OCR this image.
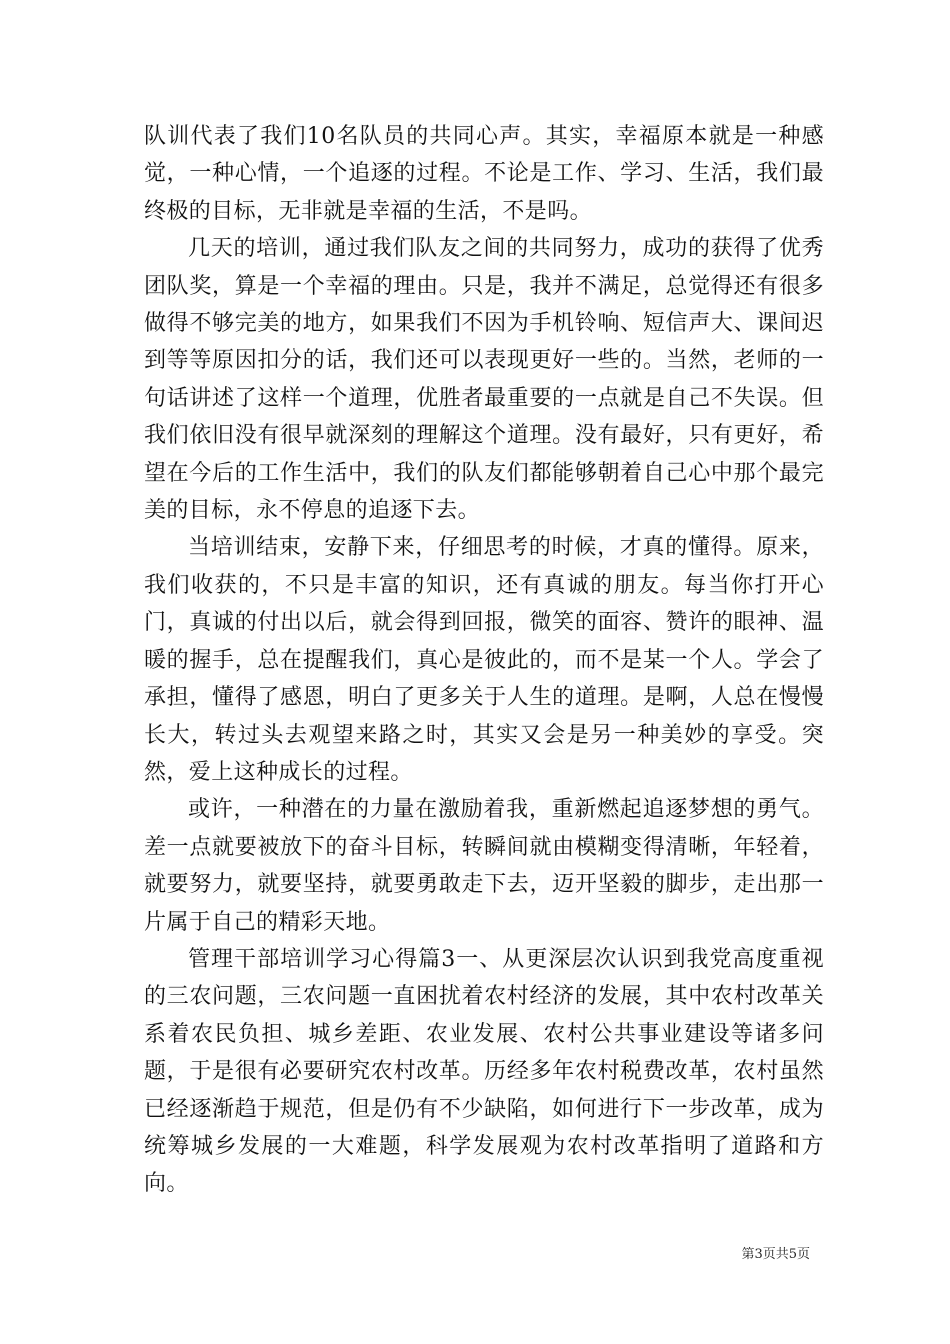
队训代表了我们10名队员的共同心声。其实，幸福原本就是一种感觉，一种心情，一个追逐的过程。不论是工作、学习、生活，我们最终极的目标，无非就是幸福的生活，不是吗。

几天的培训，通过我们队友之间的共同努力，成功的获得了优秀团队奖，算是一个幸福的理由。只是，我并不满足，总觉得还有很多做得不够完美的地方，如果我们不因为手机铃响、短信声大、课间迟到等等原因扣分的话，我们还可以表现更好一些的。当然，老师的一句话讲述了这样一个道理，优胜者最重要的一点就是自己不失误。但我们依旧没有很早就深刻的理解这个道理。没有最好，只有更好，希望在今后的工作生活中，我们的队友们都能够朝着自己心中那个最完美的目标，永不停息的追逐下去。

当培训结束，安静下来，仔细思考的时候，才真的懂得。原来，我们收获的，不只是丰富的知识，还有真诚的朋友。每当你打开心门，真诚的付出以后，就会得到回报，微笑的面容、赞许的眼神、温暖的握手，总在提醒我们，真心是彼此的，而不是某一个人。学会了承担，懂得了感恩，明白了更多关于人生的道理。是啊，人总在慢慢长大，转过头去观望来路之时，其实又会是另一种美妙的享受。突然，爱上这种成长的过程。

或许，一种潜在的力量在激励着我，重新燃起追逐梦想的勇气。差一点就要被放下的奋斗目标，转瞬间就由模糊变得清晰，年轻着，就要努力，就要坚持，就要勇敢走下去，迈开坚毅的脚步，走出那一片属于自己的精彩天地。

管理干部培训学习心得篇3一、从更深层次认识到我党高度重视的三农问题，三农问题一直困扰着农村经济的发展，其中农村改革关系着农民负担、城乡差距、农业发展、农村公共事业建设等诸多问题，于是很有必要研究农村改革。历经多年农村税费改革，农村虽然已经逐渐趋于规范，但是仍有不少缺陷，如何进行下一步改革，成为统筹城乡发展的一大难题，科学发展观为农村改革指明了道路和方向。

第3页共5页
